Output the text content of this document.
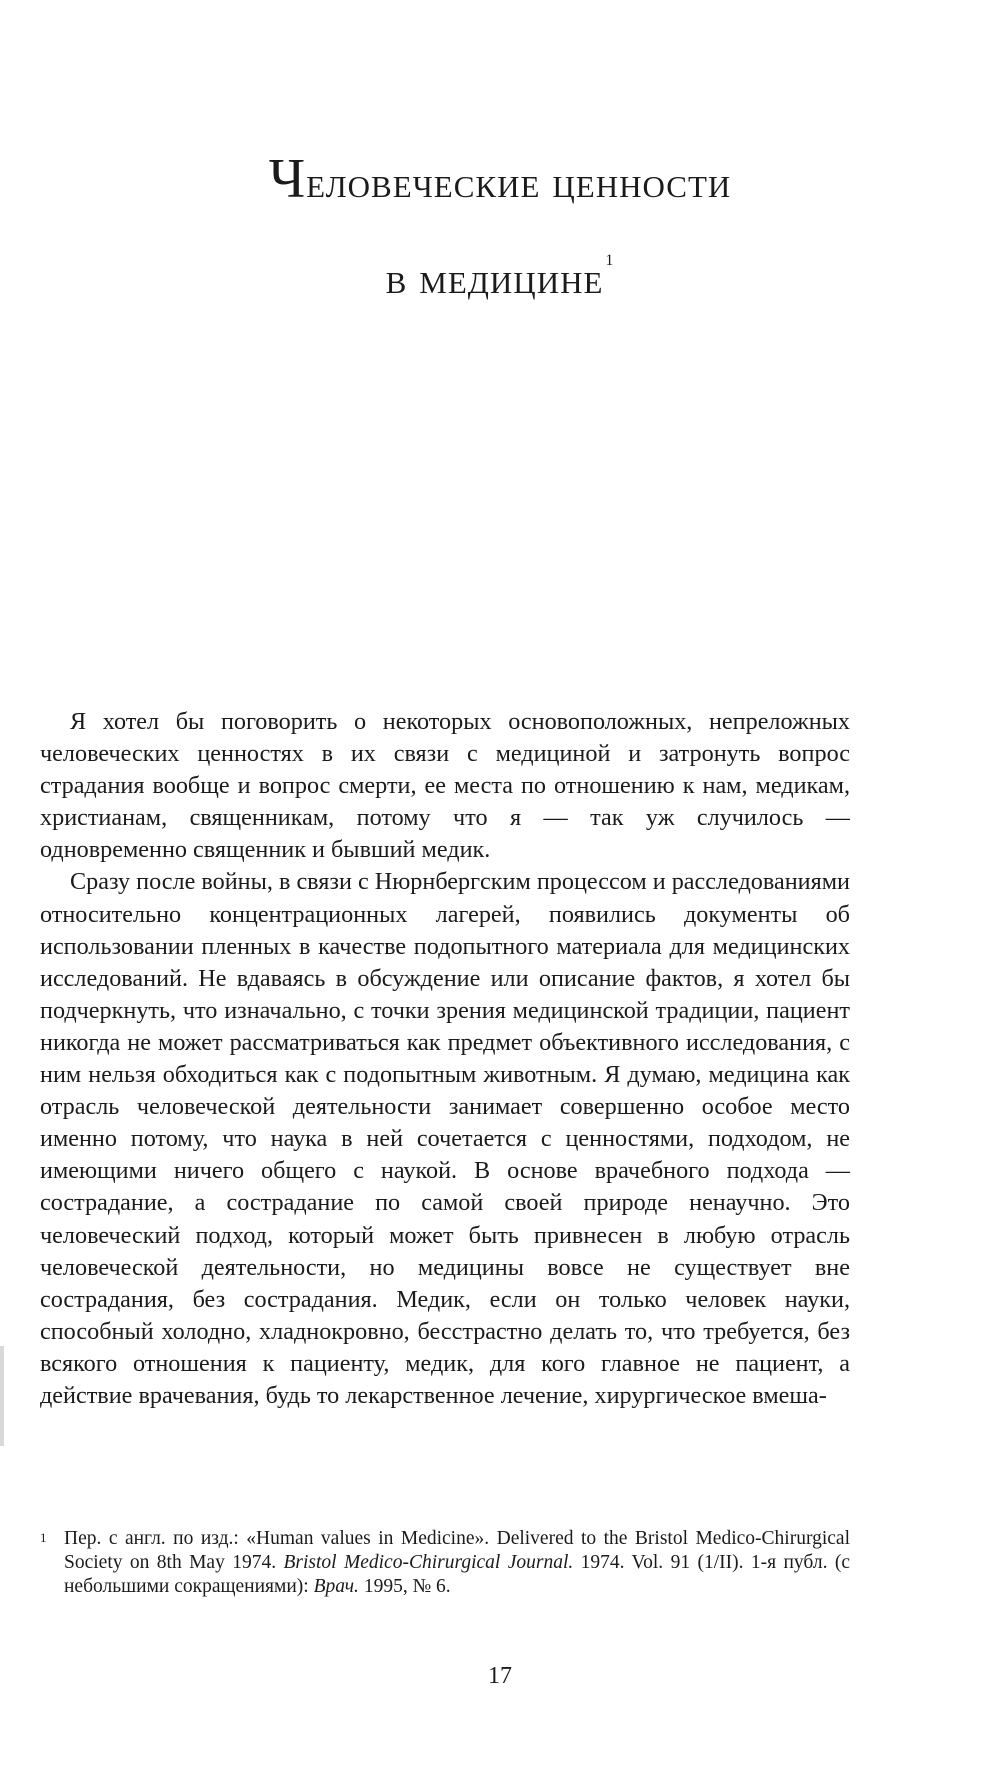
Человеческие ценности
в медицине $^1$

Я хотел бы поговорить о некоторых основоположных, непреложных человеческих ценностях в их связи с медициной и затронуть вопрос страдания вообще и вопрос смерти, ее места по отношению к нам, медикам, христианам, священникам, потому что я — так уж случилось — одновременно священник и бывший медик.

Сразу после войны, в связи с Нюрнбергским процессом и расследованиями относительно концентрационных лагерей, появились документы об использовании пленных в качестве подопытного материала для медицинских исследований. Не вдаваясь в обсуждение или описание фактов, я хотел бы подчеркнуть, что изначально, с точки зрения медицинской традиции, пациент никогда не может рассматриваться как предмет объективного исследования, с ним нельзя обходиться как с подопытным животным. Я думаю, медицина как отрасль человеческой деятельности занимает совершенно особое место именно потому, что наука в ней сочетается с ценностями, подходом, не имеющими ничего общего с наукой. В основе врачебного подхода — сострадание, а сострадание по самой своей природе ненаучно. Это человеческий подход, который может быть привнесен в любую отрасль человеческой деятельности, но медицины вовсе не существует вне сострадания, без сострадания. Медик, если он только человек науки, способный холодно, хладнокровно, бесстрастно делать то, что требуется, без всякого отношения к пациенту, медик, для кого главное не пациент, а действие врачевания, будь то лекарственное лечение, хирургическое вмеша-

1 Пер. с англ. по изд.: «Human values in Medicine». Delivered to the Bristol Medico-Chirurgical Society on 8th May 1974. Bristol Medico-Chirurgical Journal. 1974. Vol. 91 (1/II). 1-я публ. (с небольшими сокращениями): Врач. 1995, № 6.
17
